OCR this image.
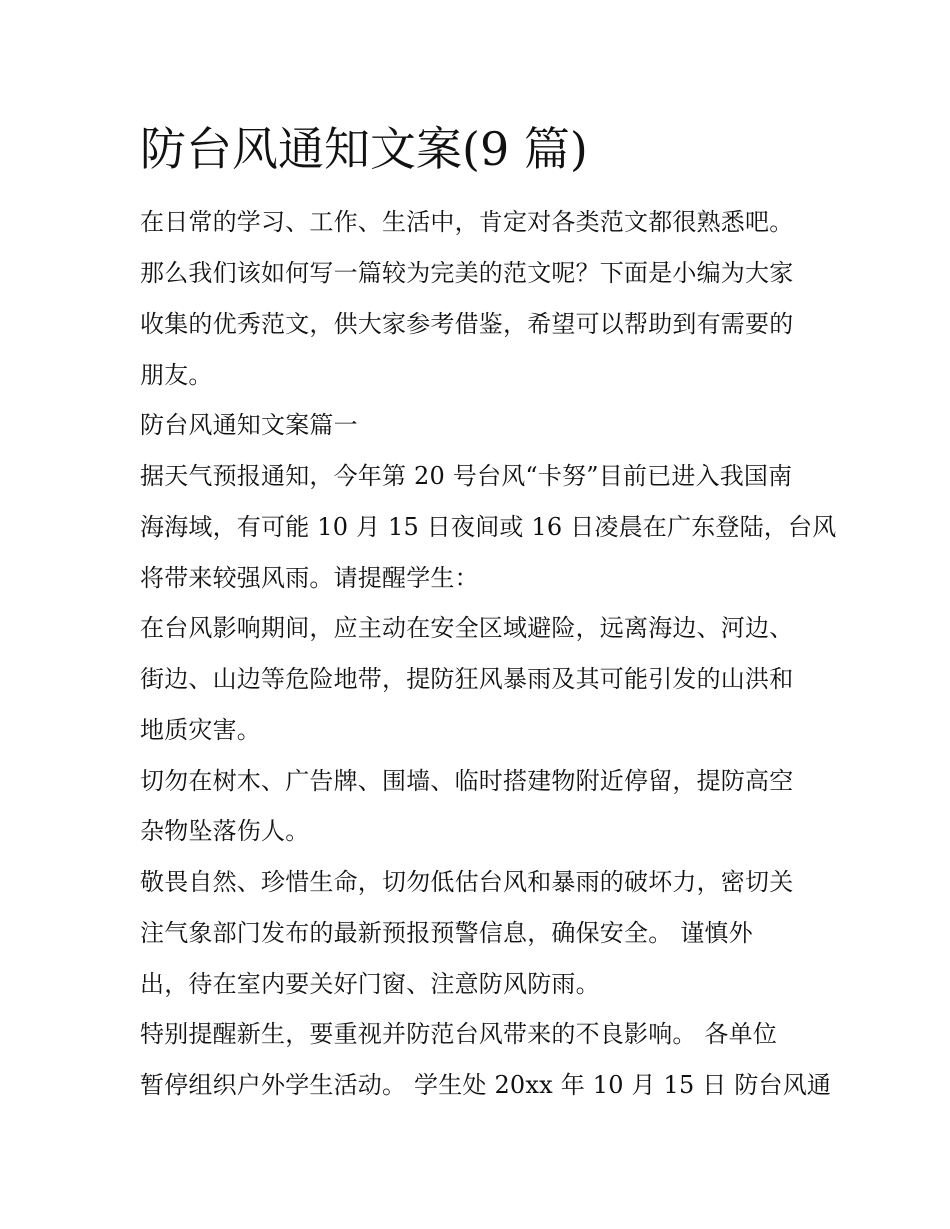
防台风通知文案(9 篇)

在日常的学习、工作、生活中，肯定对各类范文都很熟悉吧。

那么我们该如何写一篇较为完美的范文呢？下面是小编为大家

收集的优秀范文，供大家参考借鉴，希望可以帮助到有需要的

朋友。

防台风通知文案篇一

据天气预报通知，今年第 20 号台风“卡努”目前已进入我国南

海海域，有可能 10 月 15 日夜间或 16 日凌晨在广东登陆，台风

将带来较强风雨。请提醒学生：

在台风影响期间，应主动在安全区域避险，远离海边、河边、

街边、山边等危险地带，提防狂风暴雨及其可能引发的山洪和

地质灾害。

切勿在树木、广告牌、围墙、临时搭建物附近停留，提防高空

杂物坠落伤人。

敬畏自然、珍惜生命，切勿低估台风和暴雨的破坏力，密切关

注气象部门发布的最新预报预警信息，确保安全。 谨慎外

出，待在室内要关好门窗、注意防风防雨。

特别提醒新生，要重视并防范台风带来的不良影响。 各单位

暂停组织户外学生活动。 学生处 20xx 年 10 月 15 日 防台风通
